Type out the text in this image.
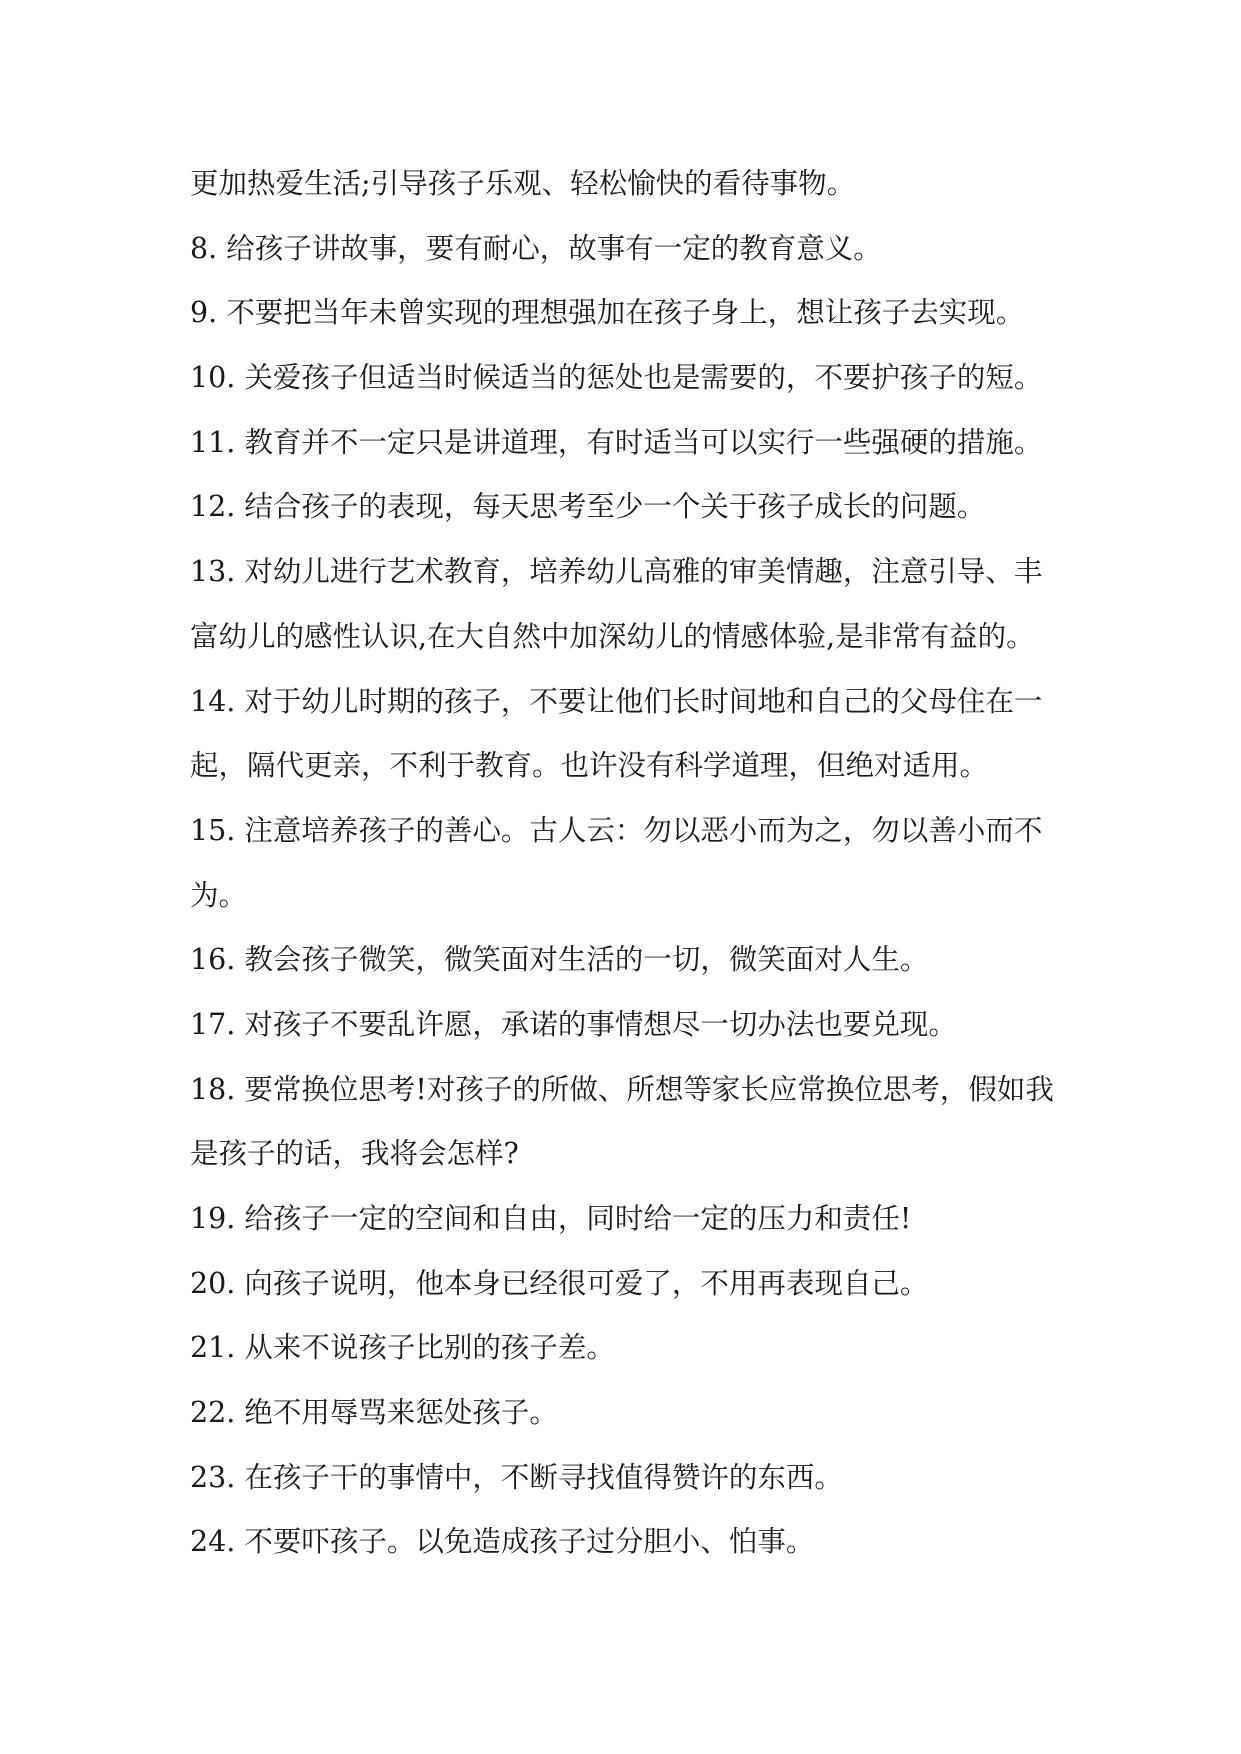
更加热爱生活;引导孩子乐观、轻松愉快的看待事物。
8. 给孩子讲故事，要有耐心，故事有一定的教育意义。
9. 不要把当年未曾实现的理想强加在孩子身上，想让孩子去实现。
10. 关爱孩子但适当时候适当的惩处也是需要的，不要护孩子的短。
11. 教育并不一定只是讲道理，有时适当可以实行一些强硬的措施。
12. 结合孩子的表现，每天思考至少一个关于孩子成长的问题。
13. 对幼儿进行艺术教育，培养幼儿高雅的审美情趣，注意引导、丰
富幼儿的感性认识,在大自然中加深幼儿的情感体验,是非常有益的。
14. 对于幼儿时期的孩子，不要让他们长时间地和自己的父母住在一
起，隔代更亲，不利于教育。也许没有科学道理，但绝对适用。
15. 注意培养孩子的善心。古人云：勿以恶小而为之，勿以善小而不
为。
16. 教会孩子微笑，微笑面对生活的一切，微笑面对人生。
17. 对孩子不要乱许愿，承诺的事情想尽一切办法也要兑现。
18. 要常换位思考!对孩子的所做、所想等家长应常换位思考，假如我
是孩子的话，我将会怎样?
19. 给孩子一定的空间和自由，同时给一定的压力和责任!
20. 向孩子说明，他本身已经很可爱了，不用再表现自己。
21. 从来不说孩子比别的孩子差。
22. 绝不用辱骂来惩处孩子。
23. 在孩子干的事情中，不断寻找值得赞许的东西。
24. 不要吓孩子。以免造成孩子过分胆小、怕事。
